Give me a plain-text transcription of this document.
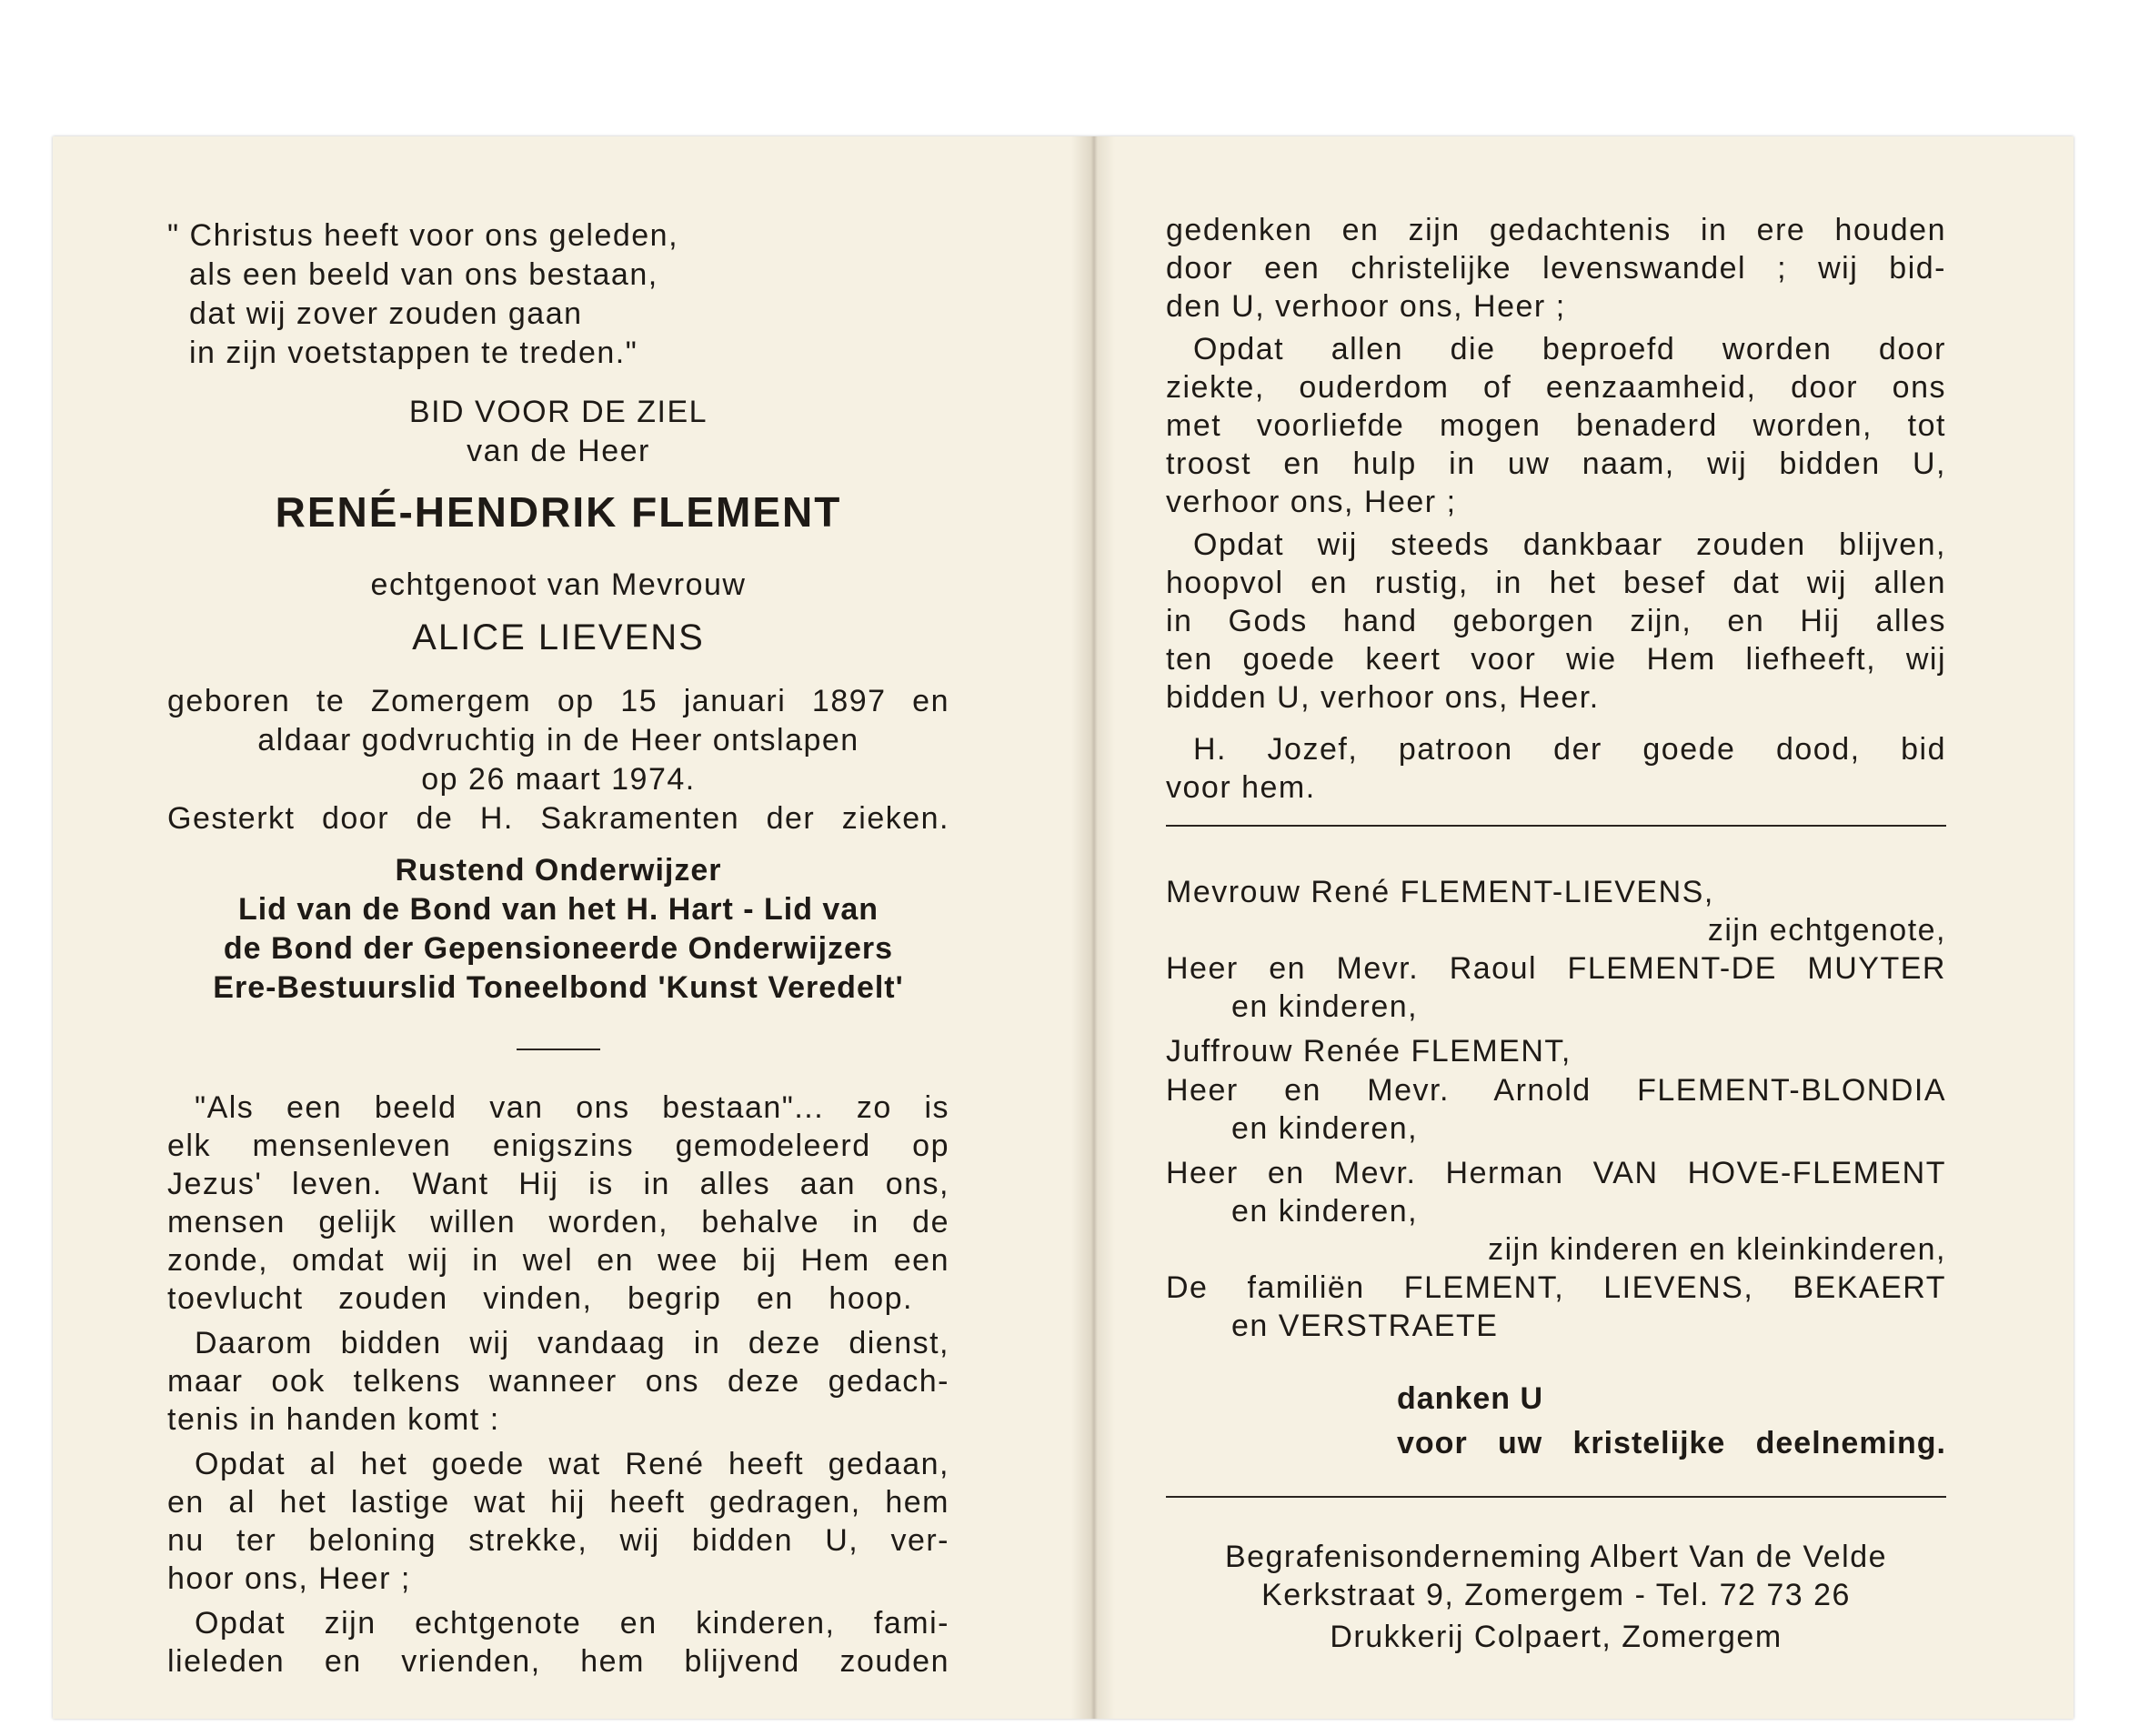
" Christus heeft voor ons geleden,
als een beeld van ons bestaan,
dat wij zover zouden gaan
in zijn voetstappen te treden."
BID VOOR DE ZIEL
van de Heer
RENÉ-HENDRIK FLEMENT
echtgenoot van Mevrouw
ALICE LIEVENS
geboren te Zomergem op 15 januari 1897 en
aldaar godvruchtig in de Heer ontslapen
op 26 maart 1974.
Gesterkt door de H. Sakramenten der zieken.
Rustend Onderwijzer
Lid van de Bond van het H. Hart - Lid van
de Bond der Gepensioneerde Onderwijzers
Ere-Bestuurslid Toneelbond 'Kunst Veredelt'
"Als een beeld van ons bestaan"... zo is
elk mensenleven enigszins gemodeleerd op
Jezus' leven. Want Hij is in alles aan ons,
mensen gelijk willen worden, behalve in de
zonde, omdat wij in wel en wee bij Hem een
toevlucht zouden vinden, begrip en hoop.
Daarom bidden wij vandaag in deze dienst,
maar ook telkens wanneer ons deze gedach-
tenis in handen komt :
Opdat al het goede wat René heeft gedaan,
en al het lastige wat hij heeft gedragen, hem
nu ter beloning strekke, wij bidden U, ver-
hoor ons, Heer ;
Opdat zijn echtgenote en kinderen, fami-
lieleden en vrienden, hem blijvend zouden
gedenken en zijn gedachtenis in ere houden
door een christelijke levenswandel ; wij bid-
den U, verhoor ons, Heer ;
Opdat allen die beproefd worden door
ziekte, ouderdom of eenzaamheid, door ons
met voorliefde mogen benaderd worden, tot
troost en hulp in uw naam, wij bidden U,
verhoor ons, Heer ;
Opdat wij steeds dankbaar zouden blijven,
hoopvol en rustig, in het besef dat wij allen
in Gods hand geborgen zijn, en Hij alles
ten goede keert voor wie Hem liefheeft, wij
bidden U, verhoor ons, Heer.
H. Jozef, patroon der goede dood, bid
voor hem.
Mevrouw René FLEMENT-LIEVENS,
zijn echtgenote,
Heer en Mevr. Raoul FLEMENT-DE MUYTER
en kinderen,
Juffrouw Renée FLEMENT,
Heer en Mevr. Arnold FLEMENT-BLONDIA
en kinderen,
Heer en Mevr. Herman VAN HOVE-FLEMENT
en kinderen,
zijn kinderen en kleinkinderen,
De familiën FLEMENT, LIEVENS, BEKAERT
en VERSTRAETE
danken U
voor uw kristelijke deelneming.
Begrafenisonderneming Albert Van de Velde
Kerkstraat 9, Zomergem - Tel. 72 73 26
Drukkerij Colpaert, Zomergem
